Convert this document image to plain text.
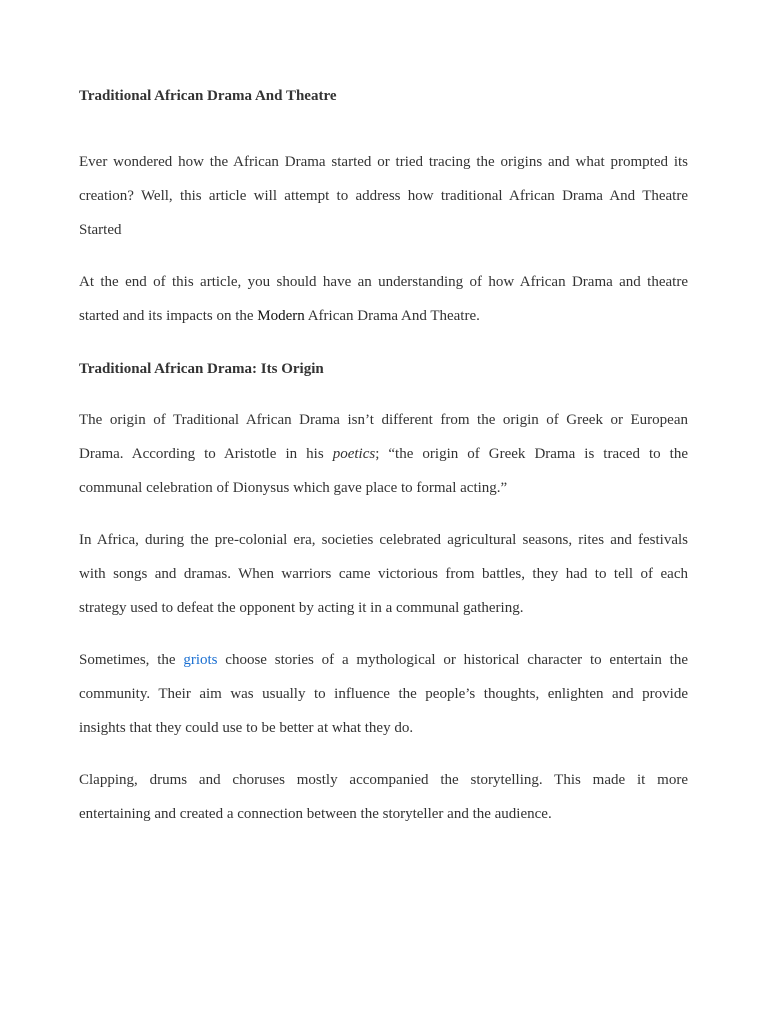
Traditional African Drama And Theatre
Ever wondered how the African Drama started or tried tracing the origins and what prompted its
creation? Well, this article will attempt to address how traditional African Drama And Theatre
Started
At the end of this article, you should have an understanding of how African Drama and theatre
started and its impacts on the Modern African Drama And Theatre.
Traditional African Drama: Its Origin
The origin of Traditional African Drama isn’t different from the origin of Greek or European
Drama. According to Aristotle in his poetics; “the origin of Greek Drama is traced to the
communal celebration of Dionysus which gave place to formal acting.”
In Africa, during the pre-colonial era, societies celebrated agricultural seasons, rites and festivals
with songs and dramas. When warriors came victorious from battles, they had to tell of each
strategy used to defeat the opponent by acting it in a communal gathering.
Sometimes, the griots choose stories of a mythological or historical character to entertain the
community. Their aim was usually to influence the people’s thoughts, enlighten and provide
insights that they could use to be better at what they do.
Clapping, drums and choruses mostly accompanied the storytelling. This made it more
entertaining and created a connection between the storyteller and the audience.
